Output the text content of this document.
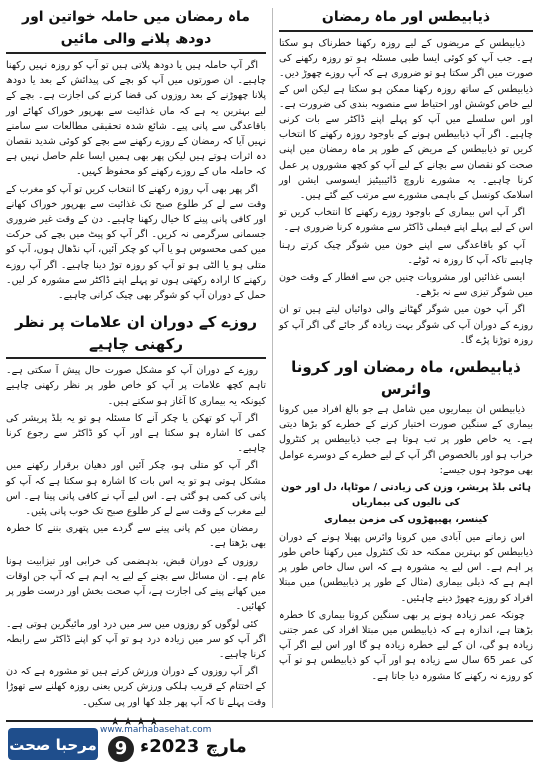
ذیابیطس اور ماہ رمضان

ذیابیطس کے مریضوں کے لیے روزہ رکھنا خطرناک ہو سکتا ہے۔ جب آپ کو کوئی ایسا طبی مسئلہ ہو تو روزہ رکھنے کی صورت میں اگر سکتا ہو تو ضروری ہے کہ آپ روزے چھوڑ دیں۔ ذیابیطس کے ساتھ روزہ رکھنا ممکن ہو سکتا ہے لیکن اس کے لیے خاص کوشش اور احتیاط سے منصوبہ بندی کی ضرورت ہے۔ اور اس سلسلے میں آپ کو پہلے اپنے ڈاکٹر سے بات کرنی چاہیے۔ اگر آپ ذیابیطس ہونے کے باوجود روزہ رکھنے کا انتخاب کریں تو ذیابیطس کے مریض کے طور پر ماہ رمضان میں اپنی صحت کو نقصان سے بچانے کے لیے آپ کو کچھ مشوروں پر عمل کرنا چاہیے۔ یہ مشورے ناروچ ڈائیبیٹیز ایسوسی ایشن اور اسلامک کونسل کے باہمی مشورے سے مرتب کیے گئے ہیں۔

اگر آپ اس بیماری کے باوجود روزے رکھنے کا انتخاب کریں تو اس کے لیے پہلے اپنے فیملی ڈاکٹر سے مشورہ کرنا ضروری ہے۔

آپ کو باقاعدگی سے اپنے خون میں شوگر چیک کرتے رہنا چاہیے تاکہ آپ کا روزہ نہ ٹوٹے۔

ایسی غذائیں اور مشروبات چنیں جن سے افطار کے وقت خون میں شوگر تیزی سے نہ بڑھے۔

اگر آپ خون میں شوگر گھٹانے والی دوائیاں لیتے ہیں تو ان روزے کے دوران آپ کی شوگر بہت زیادہ گر جائے گی اگر آپ کو روزہ توڑنا پڑے گا۔

ذیابیطس، ماہ رمضان اور کرونا وائرس

ذیابیطس ان بیماریوں میں شامل ہے جو بالغ افراد میں کرونا بیماری کے سنگین صورت اختیار کرنے کے خطرے کو بڑھا دیتی ہے۔ یہ خاص طور پر تب ہوتا ہے جب ذیابیطس پر کنٹرول خراب ہو اور بالخصوص اگر آپ کے لیے خطرے کے دوسرے عوامل بھی موجود ہوں جیسے:

ہائی بلڈ پریشر، وزن کی زیادتی / موٹاپا، دل اور خون کی نالیوں کی بیماریاں
کینسر، پھیپھڑوں کی مزمن بیماری

اس زمانے میں آبادی میں کرونا وائرس پھیلا ہونے کے دوران ذیابیطس کو بہترین ممکنہ حد تک کنٹرول میں رکھنا خاص طور پر اہم ہے۔ اس لیے یہ مشورہ ہے کہ اس سال خاص طور پر اہم ہے کہ ذیلی بیماری (مثال کے طور پر ذیابیطس) میں مبتلا افراد کو روزے چھوڑ دینے چاہئیں۔

چونکہ عمر زیادہ ہونے پر بھی سنگین کرونا بیماری کا خطرہ بڑھتا ہے، اندازہ ہے کہ ذیابیطس میں مبتلا افراد کی عمر جتنی زیادہ ہو گی، ان کے لیے خطرہ زیادہ ہو گا اور اس لیے اگر آپ کی عمر 65 سال سے زیادہ ہو اور آپ کو ذیابیطس ہو تو آپ کو روزے نہ رکھنے کا مشورہ دیا جاتا ہے۔

ماہ رمضان میں حاملہ خواتین اور دودھ پلانے والی مائیں

اگر آپ حاملہ ہیں یا دودھ پلاتی ہیں تو آپ کو روزہ نہیں رکھنا چاہیے۔ ان صورتوں میں آپ کو بچے کی پیدائش کے بعد یا دودھ پلانا چھوڑنے کے بعد روزوں کی قضا کرنے کی اجازت ہے۔ بچے کے لیے بہترین یہ ہے کہ ماں غذائیت سے بھرپور خوراک کھائے اور باقاعدگی سے پانی پیے۔ شائع شدہ تحقیقی مطالعات سے سامنے نہیں آیا کہ رمضان کے روزے رکھنے سے بچے کو کوئی شدید نقصان دہ اثرات ہوتے ہیں لیکن پھر بھی ہمیں ایسا علم حاصل نہیں ہے کہ حاملہ ماں کے روزے رکھنے کو محفوظ کہیں۔

اگر پھر بھی آپ روزہ رکھنے کا انتخاب کریں تو آپ کو مغرب کے وقت سے لے کر طلوع صبح تک غذائیت سے بھرپور خوراک کھانے اور کافی پانی پینے کا خیال رکھنا چاہیے۔ دن کے وقت غیر ضروری جسمانی سرگرمی نہ کریں۔ اگر آپ کو پیٹ میں بچے کی حرکت میں کمی محسوس ہو یا آپ کو چکر آئیں، آپ نڈھال ہوں، آپ کو متلی ہو یا الٹی ہو تو آپ کو روزہ توڑ دینا چاہیے۔ اگر آپ روزے رکھنے کا ارادہ رکھتی ہوں تو پہلے اپنے ڈاکٹر سے مشورہ کر لیں۔ حمل کے دوران آپ کو شوگر بھی چیک کرانی چاہیے۔

روزے کے دوران ان علامات پر نظر رکھنی چاہیے

روزے کے دوران آپ کو مشکل صورت حال پیش آ سکتی ہے۔ تاہم کچھ علامات پر آپ کو خاص طور پر نظر رکھنی چاہیے کیونکہ یہ بیماری کا آغاز ہو سکتے ہیں۔

اگر آپ کو تھکن یا چکر آنے کا مسئلہ ہو تو یہ بلڈ پریشر کی کمی کا اشارہ ہو سکتا ہے اور آپ کو ڈاکٹر سے رجوع کرنا چاہیے۔

اگر آپ کو متلی ہو، چکر آئیں اور دھیان برقرار رکھنے میں مشکل ہوتی ہو تو یہ اس بات کا اشارہ ہو سکتا ہے کہ آپ کو پانی کی کمی ہو گئی ہے۔ اس لیے آپ نے کافی پانی پینا ہے۔ اس لیے مغرب کے وقت سے لے کر طلوع صبح تک خوب پانی پئیں۔

رمضان میں کم پانی پینے سے گردے میں پتھری بننے کا خطرہ بھی بڑھتا ہے۔

روزوں کے دوران قبض، بدہضمی کی خرابی اور تیزابیت ہونا عام ہے۔ ان مسائل سے بچنے کے لیے یہ اہم ہے کہ آپ جن اوقات میں کھانے پینے کی اجازت ہے، آپ صحت بخش اور درست طور پر کھائیں۔

کئی لوگوں کو روزوں میں سر میں درد اور مائیگرین ہوتی ہے۔ اگر آپ کو سر میں زیادہ درد ہو تو آپ کو اپنے ڈاکٹر سے رابطہ کرنا چاہیے۔

اگر آپ روزوں کے دوران ورزش کرتے ہیں تو مشورہ ہے کہ دن کے اختتام کے قریب ہلکی ورزش کریں یعنی روزہ کھلنے سے تھوڑا وقت پہلے تا کہ آپ پھر جلد کھا اور پی سکیں۔

مرحبا صحت
www.marhabasehat.com
9 مارچ 2023ء
